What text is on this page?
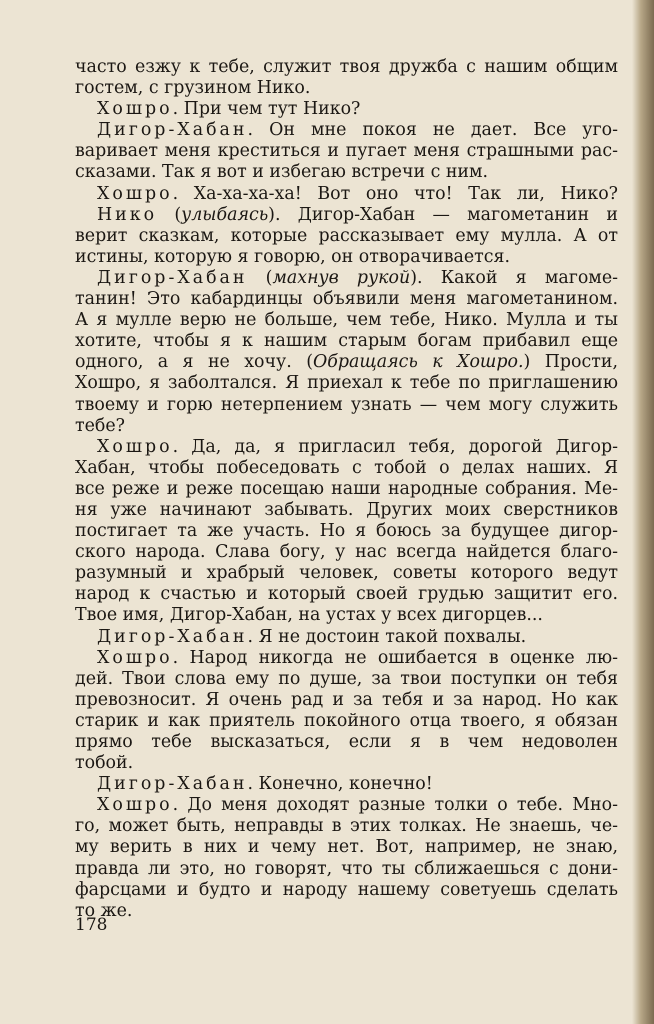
часто езжу к тебе, служит твоя дружба с нашим общим
гостем, с грузином Нико.
Хошро. При чем тут Нико?
Дигор-Хабан. Он мне покоя не дает. Все уго-
варивает меня креститься и пугает меня страшными рас-
сказами. Так я вот и избегаю встречи с ним.
Хошро. Ха-ха-ха-ха! Вот оно что! Так ли, Нико?
Нико (улыбаясь). Дигор-Хабан — магометанин и
верит сказкам, которые рассказывает ему мулла. А от
истины, которую я говорю, он отворачивается.
Дигор-Хабан (махнув рукой). Какой я магоме-
танин! Это кабардинцы объявили меня магометанином.
А я мулле верю не больше, чем тебе, Нико. Мулла и ты
хотите, чтобы я к нашим старым богам прибавил еще
одного, а я не хочу. (Обращаясь к Хошро.) Прости,
Хошро, я заболтался. Я приехал к тебе по приглашению
твоему и горю нетерпением узнать — чем могу служить
тебе?
Хошро. Да, да, я пригласил тебя, дорогой Дигор-
Хабан, чтобы побеседовать с тобой о делах наших. Я
все реже и реже посещаю наши народные собрания. Ме-
ня уже начинают забывать. Других моих сверстников
постигает та же участь. Но я боюсь за будущее дигор-
ского народа. Слава богу, у нас всегда найдется благо-
разумный и храбрый человек, советы которого ведут
народ к счастью и который своей грудью защитит его.
Твое имя, Дигор-Хабан, на устах у всех дигорцев...
Дигор-Хабан. Я не достоин такой похвалы.
Хошро. Народ никогда не ошибается в оценке лю-
дей. Твои слова ему по душе, за твои поступки он тебя
превозносит. Я очень рад и за тебя и за народ. Но как
старик и как приятель покойного отца твоего, я обязан
прямо тебе высказаться, если я в чем недоволен
тобой.
Дигор-Хабан. Конечно, конечно!
Хошро. До меня доходят разные толки о тебе. Мно-
го, может быть, неправды в этих толках. Не знаешь, че-
му верить в них и чему нет. Вот, например, не знаю,
правда ли это, но говорят, что ты сближаешься с дони-
фарсцами и будто и народу нашему советуешь сделать
то же.
178
